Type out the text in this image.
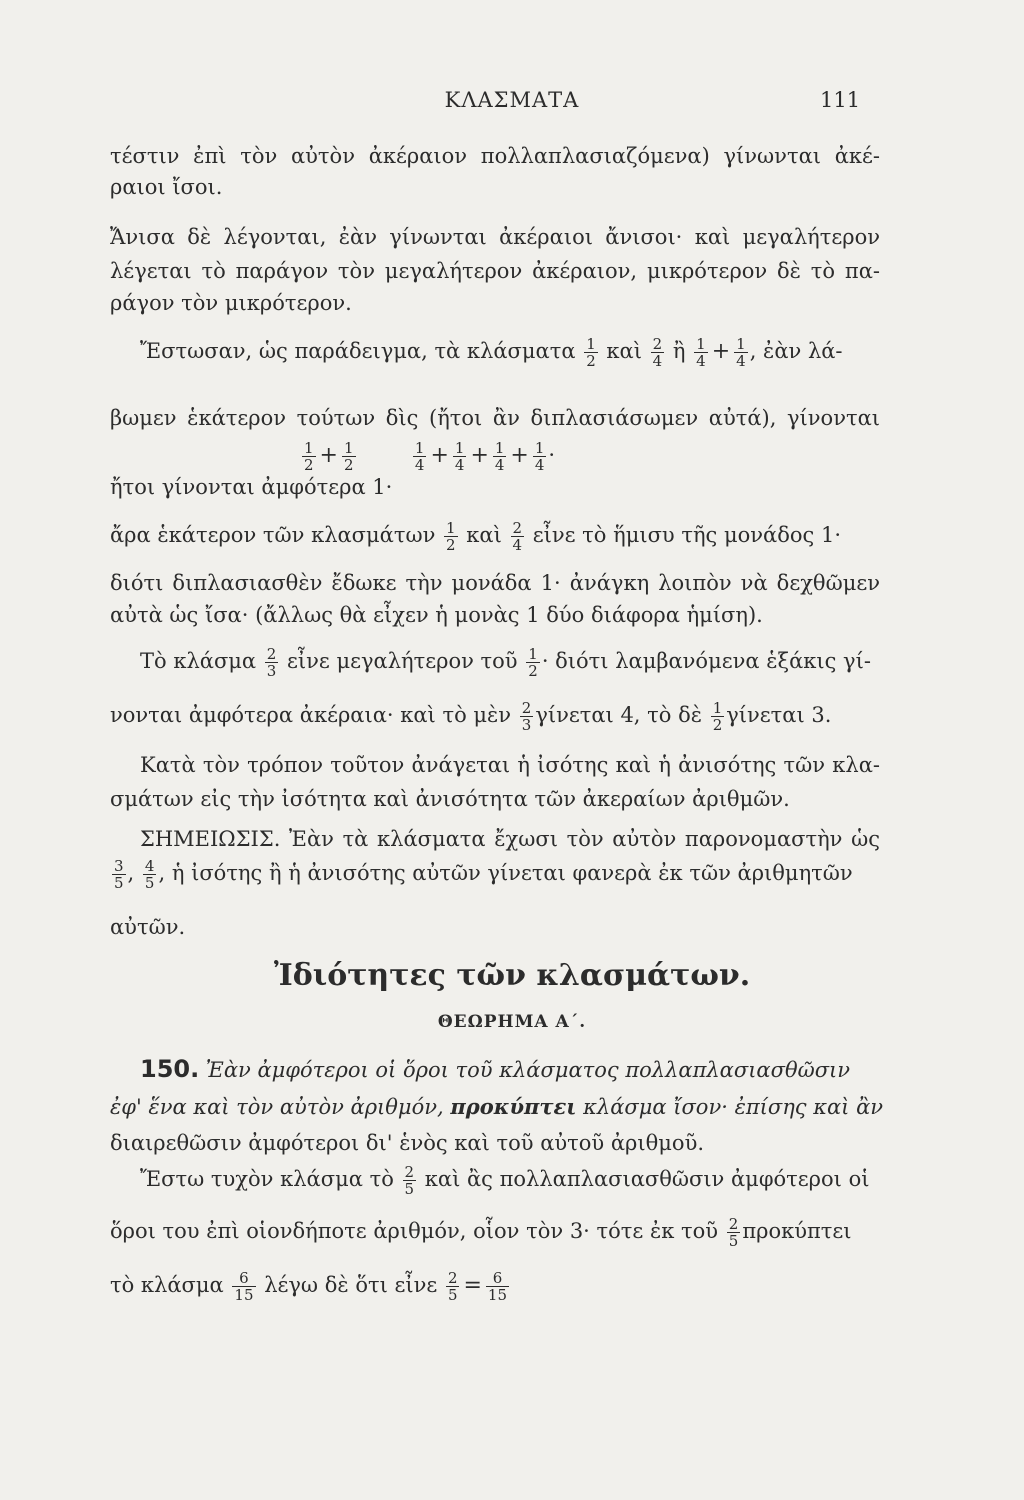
ΚΛΑΣΜΑΤΑ	111
τέστιν ἐπὶ τὸν αὐτὸν ἀκέραιον πολλαπλασιαζόμενα) γίνωνται ἀκέ-
ραιοι ἴσοι.
Ἄνισα δὲ λέγονται, ἐὰν γίνωνται ἀκέραιοι ἄνισοι· καὶ μεγαλήτερον
λέγεται τὸ παράγον τὸν μεγαλήτερον ἀκέραιον, μικρότερον δὲ τὸ πα-
ράγον τὸν μικρότερον.
Ἔστωσαν, ὡς παράδειγμα, τὰ κλάσματα $\frac{1}{2}$ καὶ $\frac{2}{4}$ ἢ $\frac{1}{4} + \frac{1}{4}$ , ἐὰν λά-
βωμεν ἑκάτερον τούτων δὶς (ἤτοι ἂν διπλασιάσωμεν αὐτά), γίνονται
$\frac{1}{2} + \frac{1}{2}$
	$\frac{1}{4} + \frac{1}{4} + \frac{1}{4} + \frac{1}{4}$ ·
ἤτοι γίνονται ἀμφότερα 1·
ἄρα ἑκάτερον τῶν κλασμάτων $\frac{1}{2}$ καὶ $\frac{2}{4}$ εἶνε τὸ ἥμισυ τῆς μονάδος 1·
διότι διπλασιασθὲν ἔδωκε τὴν μονάδα 1· ἀνάγκη λοιπὸν νὰ δεχθῶμεν
αὐτὰ ὡς ἴσα· (ἄλλως θὰ εἶχεν ἡ μονὰς 1 δύο διάφορα ἡμίση).
Τὸ κλάσμα $\frac{2}{3}$ εἶνε μεγαλήτερον τοῦ $\frac{1}{2} \cdot \delta\iota ό\tau\iota$ λαμβανόμενα ἑξάκις γί-
νονται ἀμφότερα ἀκέραια· καὶ τὸ μὲν $\frac{2}{3}$ γίνεται 4, τὸ δὲ $\frac{1}{2}$ γίνεται 3.
Κατὰ τὸν τρόπον τοῦτον ἀνάγεται ἡ ἰσότης καὶ ἡ ἀνισότης τῶν κλα-
σμάτων εἰς τὴν ἰσότητα καὶ ἀνισότητα τῶν ἀκεραίων ἀριθμῶν.
ΣΗΜΕΙΩΣΙΣ. Ἐὰν τὰ κλάσματα ἔχωσι τὸν αὐτὸν παρονομαστὴν ὡς
$\frac{3}{5}$ , $\frac{4}{5}$ , ἡ ἰσότης ἢ ἡ ἀνισότης αὐτῶν γίνεται φανερὰ ἐκ τῶν ἀριθμητῶν
αὐτῶν.
Ἰδιότητες τῶν κλασμάτων.
ΘΕΩΡΗΜΑ Α΄.
150. Ἐὰν ἀμφότεροι οἱ ὅροι τοῦ κλάσματος πολλαπλασιασθῶσιν
ἐφ' ἕνα καὶ τὸν αὐτὸν ἀριθμόν, προκύπτει κλάσμα ἴσον· ἐπίσης καὶ ἂν
διαιρεθῶσιν ἀμφότεροι δι' ἑνὸς καὶ τοῦ αὐτοῦ ἀριθμοῦ.
Ἔστω τυχὸν κλάσμα τὸ $\frac{2}{5}$ καὶ ἂς πολλαπλασιασθῶσιν ἀμφότεροι οἱ
ὅροι του ἐπὶ οἱονδήποτε ἀριθμόν, οἷον τὸν 3· τότε ἐκ τοῦ $\frac{2}{5}$ προκύπτει
τὸ κλάσμα $\frac{6}{15}$ λέγω δὲ ὅτι εἶνε $\frac{2}{5} = \frac{6}{15}$
